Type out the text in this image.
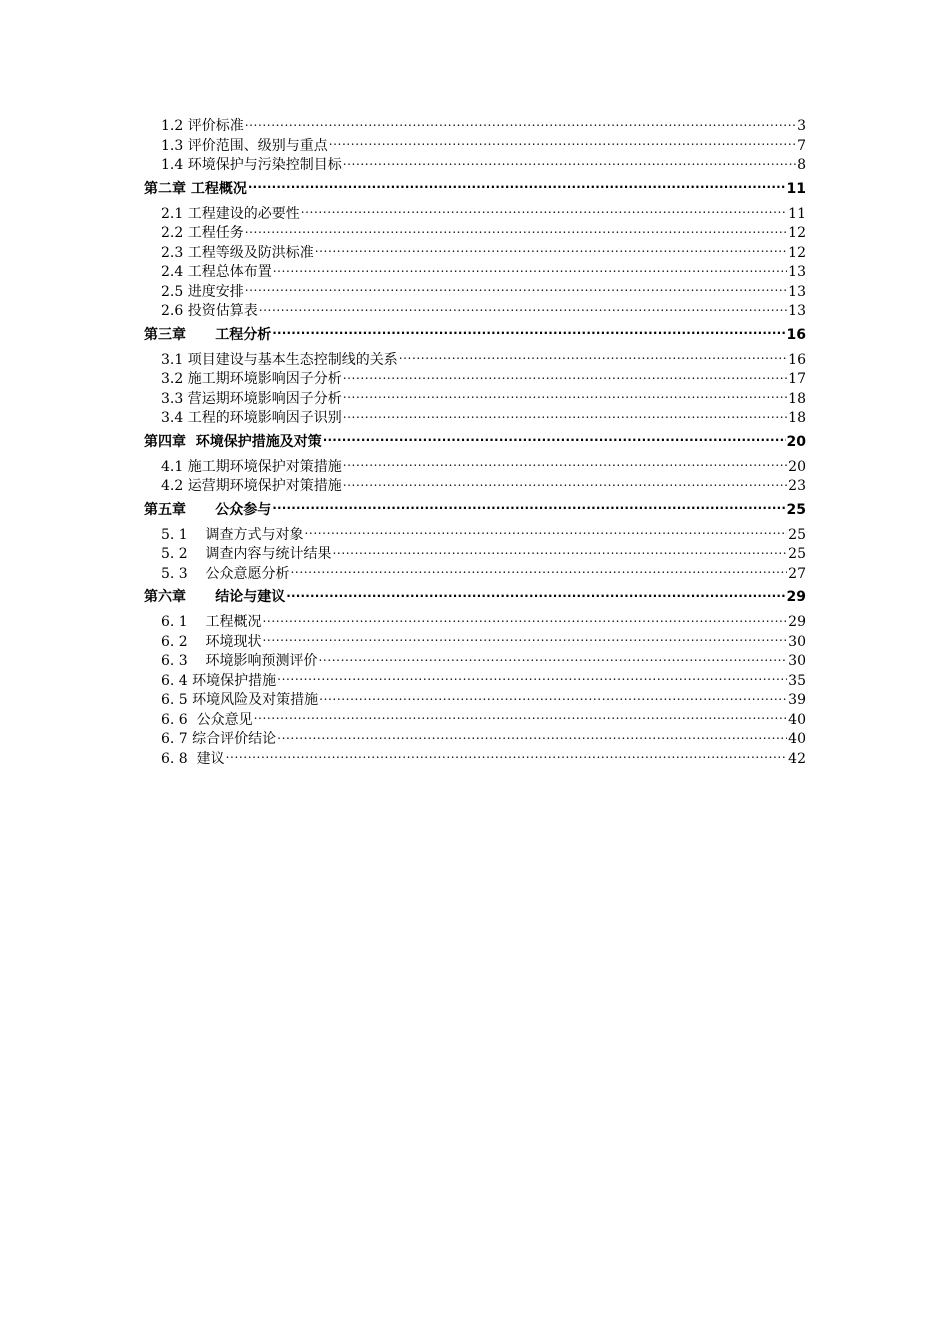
1.2 评价标准 .....	3
1.3 评价范围、级别与重点 .....	7
1.4 环境保护与污染控制目标 .....	8
第二章 工程概况 .....	11
2.1 工程建设的必要性 .....	11
2.2 工程任务 .....	12
2.3 工程等级及防洪标准 .....	12
2.4 工程总体布置 .....	13
2.5 进度安排 .....	13
2.6 投资估算表 .....	13
第三章      工程分析 .....	16
3.1 项目建设与基本生态控制线的关系 .....	16
3.2 施工期环境影响因子分析 .....	17
3.3 营运期环境影响因子分析 .....	18
3.4 工程的环境影响因子识别 .....	18
第四章  环境保护措施及对策 .....	20
4.1 施工期环境保护对策措施 .....	20
4.2 运营期环境保护对策措施 .....	23
第五章      公众参与 .....	25
5. 1    调查方式与对象 .....	25
5. 2    调查内容与统计结果 .....	25
5. 3    公众意愿分析 .....	27
第六章      结论与建议 .....	29
6. 1    工程概况 .....	29
6. 2    环境现状 .....	30
6. 3    环境影响预测评价 .....	30
6. 4 环境保护措施 .....	35
6. 5 环境风险及对策措施 .....	39
6. 6  公众意见 .....	40
6. 7 综合评价结论 .....	40
6. 8  建议 .....	42
